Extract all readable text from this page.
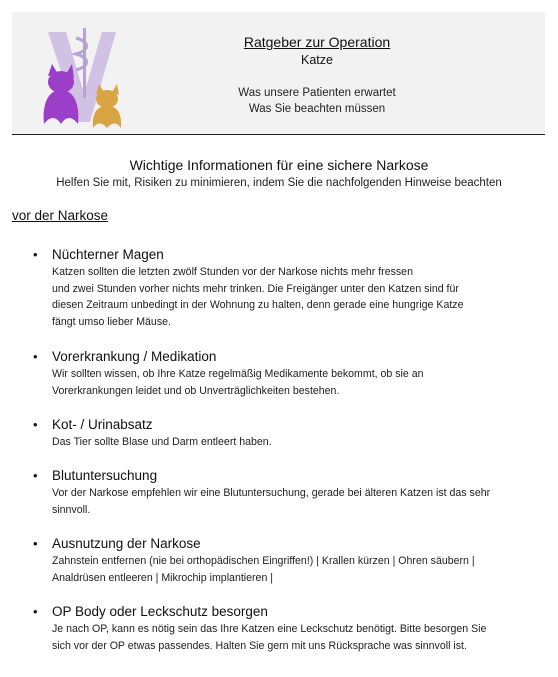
Ratgeber zur Operation
Katze
Was unsere Patienten erwartet
Was Sie beachten müssen
Wichtige Informationen für eine sichere Narkose
Helfen Sie mit, Risiken zu minimieren, indem Sie die nachfolgenden Hinweise beachten
vor der Narkose
• Nüchterner Magen
Katzen sollten die letzten zwölf Stunden vor der Narkose nichts mehr fressen
und zwei Stunden vorher nichts mehr trinken. Die Freigänger unter den Katzen sind für
diesen Zeitraum unbedingt in der Wohnung zu halten, denn gerade eine hungrige Katze
fängt umso lieber Mäuse.
• Vorerkrankung / Medikation
Wir sollten wissen, ob Ihre Katze regelmäßig Medikamente bekommt, ob sie an
Vorerkrankungen leidet und ob Unverträglichkeiten bestehen.
• Kot- / Urinabsatz
Das Tier sollte Blase und Darm entleert haben.
• Blutuntersuchung
Vor der Narkose empfehlen wir eine Blutuntersuchung, gerade bei älteren Katzen ist das sehr
sinnvoll.
• Ausnutzung der Narkose
Zahnstein entfernen (nie bei orthopädischen Eingriffen!) | Krallen kürzen | Ohren säubern |
Analdrüsen entleeren | Mikrochip implantieren |
• OP Body oder Leckschutz besorgen
Je nach OP, kann es nötig sein das Ihre Katzen eine Leckschutz benötigt. Bitte besorgen Sie
sich vor der OP etwas passendes. Halten Sie gern mit uns Rücksprache was sinnvoll ist.
